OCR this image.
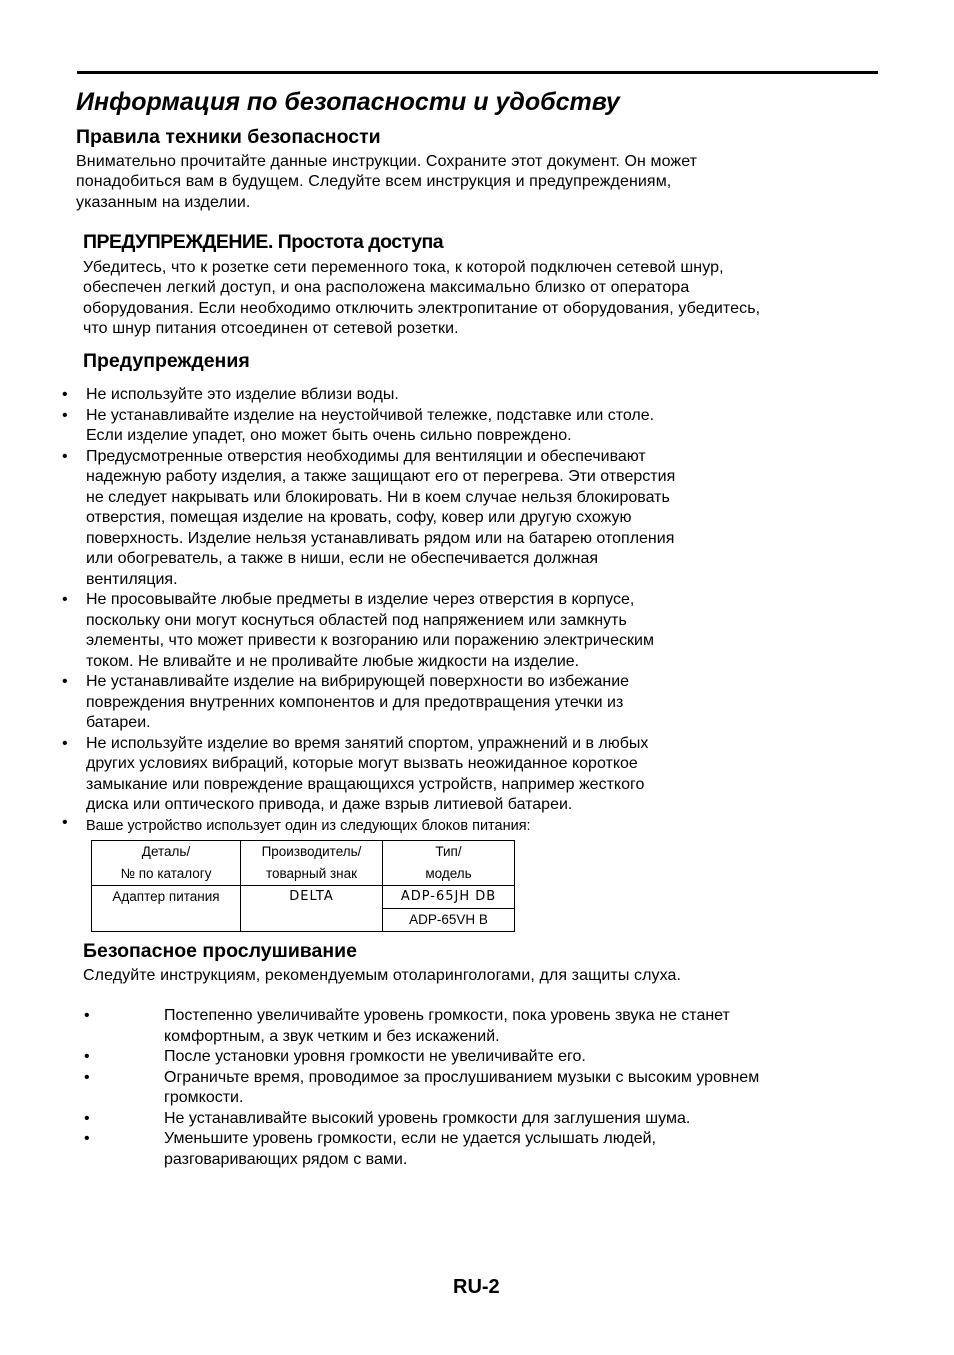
Информация по безопасности и удобству
Правила техники безопасности
Внимательно прочитайте данные инструкции. Сохраните этот документ. Он может
понадобиться вам в будущем. Следуйте всем инструкция и предупреждениям,
указанным на изделии.
ПРЕДУПРЕЖДЕНИЕ. Простота доступа
Убедитесь, что к розетке сети переменного тока, к которой подключен сетевой шнур,
обеспечен легкий доступ, и она расположена максимально близко от оператора
оборудования. Если необходимо отключить электропитание от оборудования, убедитесь,
что шнур питания отсоединен от сетевой розетки.
Предупреждения
• Не используйте это изделие вблизи воды.
• Не устанавливайте изделие на неустойчивой тележке, подставке или столе.
Если изделие упадет, оно может быть очень сильно повреждено.
• Предусмотренные отверстия необходимы для вентиляции и обеспечивают
надежную работу изделия, а также защищают его от перегрева. Эти отверстия
не следует накрывать или блокировать. Ни в коем случае нельзя блокировать
отверстия, помещая изделие на кровать, софу, ковер или другую схожую
поверхность. Изделие нельзя устанавливать рядом или на батарею отопления
или обогреватель, а также в ниши, если не обеспечивается должная
вентиляция.
• Не просовывайте любые предметы в изделие через отверстия в корпусе,
поскольку они могут коснуться областей под напряжением или замкнуть
элементы, что может привести к возгоранию или поражению электрическим
током. Не вливайте и не проливайте любые жидкости на изделие.
• Не устанавливайте изделие на вибрирующей поверхности во избежание
повреждения внутренних компонентов и для предотвращения утечки из
батареи.
• Не используйте изделие во время занятий спортом, упражнений и в любых
других условиях вибраций, которые могут вызвать неожиданное короткое
замыкание или повреждение вращающихся устройств, например жесткого
диска или оптического привода, и даже взрыв литиевой батареи.
• Ваше устройство использует один из следующих блоков питания:
Деталь/	Производитель/	Тип/
№ по каталогу	товарный знак	модель
Адаптер питания	DELTA	ADP-65JH DB
		ADP-65VH B
Безопасное прослушивание
Следуйте инструкциям, рекомендуемым отоларингологами, для защиты слуха.
•	Постепенно увеличивайте уровень громкости, пока уровень звука не станет
комфортным, а звук четким и без искажений.
•	После установки уровня громкости не увеличивайте его.
•	Ограничьте время, проводимое за прослушиванием музыки с высоким уровнем
громкости.
•	Не устанавливайте высокий уровень громкости для заглушения шума.
•	Уменьшите уровень громкости, если не удается услышать людей,
разговаривающих рядом с вами.
RU-2
